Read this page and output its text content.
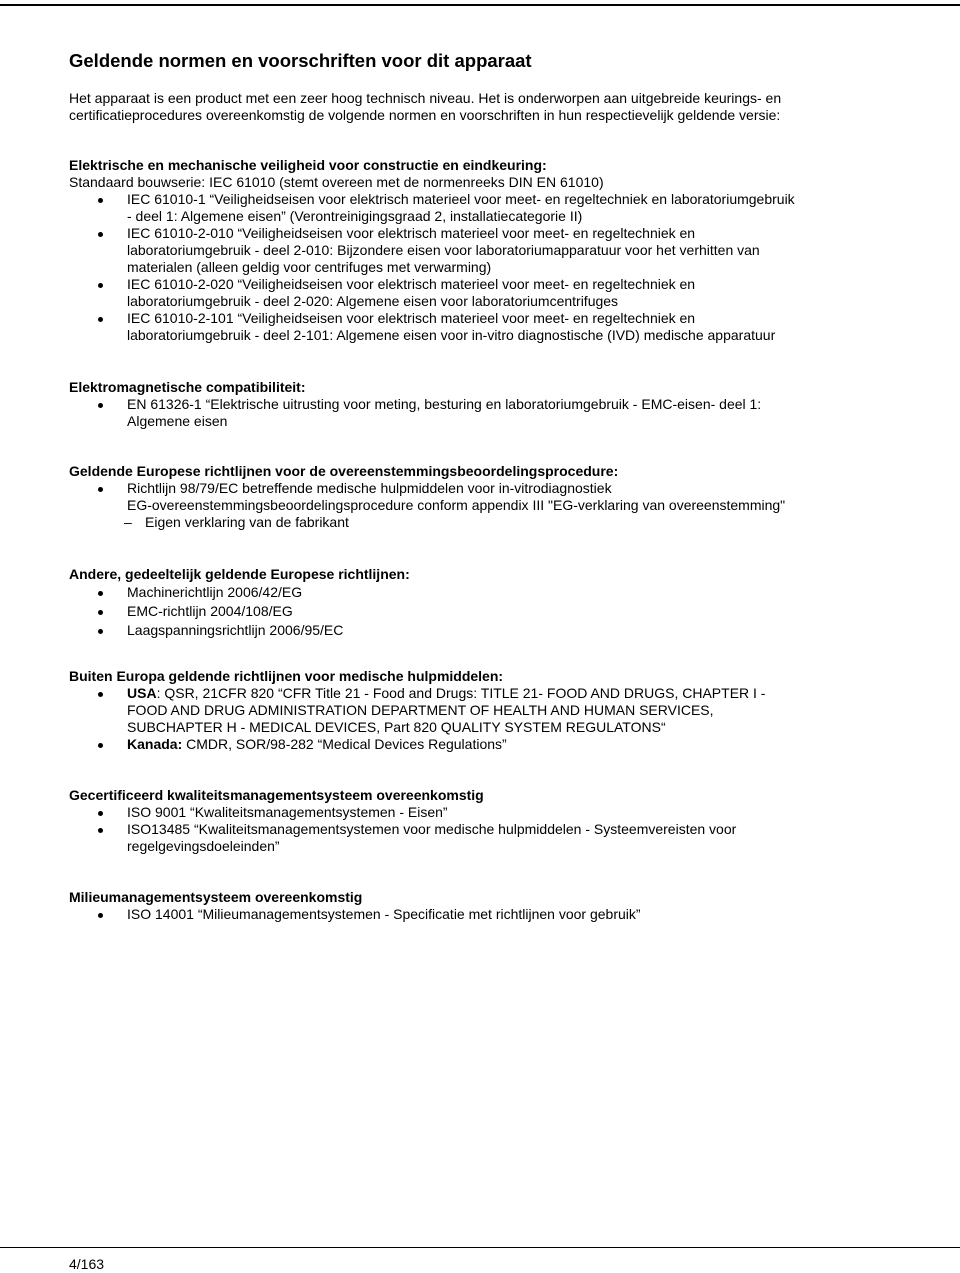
Geldende normen en voorschriften voor dit apparaat
Het apparaat is een product met een zeer hoog technisch niveau. Het is onderworpen aan uitgebreide keurings- en
certificatieprocedures overeenkomstig de volgende normen en voorschriften in hun respectievelijk geldende versie:
Elektrische en mechanische veiligheid voor constructie en eindkeuring:
Standaard bouwserie: IEC 61010 (stemt overeen met de normenreeks DIN EN 61010)
IEC 61010-1 “Veiligheidseisen voor elektrisch materieel voor meet- en regeltechniek en laboratoriumgebruik
- deel 1: Algemene eisen” (Verontreinigingsgraad 2, installatiecategorie II)
IEC 61010-2-010 “Veiligheidseisen voor elektrisch materieel voor meet- en regeltechniek en
laboratoriumgebruik - deel 2-010: Bijzondere eisen voor laboratoriumapparatuur voor het verhitten van
materialen (alleen geldig voor centrifuges met verwarming)
IEC 61010-2-020 “Veiligheidseisen voor elektrisch materieel voor meet- en regeltechniek en
laboratoriumgebruik - deel 2-020: Algemene eisen voor laboratoriumcentrifuges
IEC 61010-2-101 “Veiligheidseisen voor elektrisch materieel voor meet- en regeltechniek en
laboratoriumgebruik - deel 2-101: Algemene eisen voor in-vitro diagnostische (IVD) medische apparatuur
Elektromagnetische compatibiliteit:
EN 61326-1 “Elektrische uitrusting voor meting, besturing en laboratoriumgebruik - EMC-eisen- deel 1:
Algemene eisen
Geldende Europese richtlijnen voor de overeenstemmingsbeoordelingsprocedure:
Richtlijn 98/79/EC betreffende medische hulpmiddelen voor in-vitrodiagnostiek
EG-overeenstemmingsbeoordelingsprocedure conform appendix III "EG-verklaring van overeenstemming"
– Eigen verklaring van de fabrikant
Andere, gedeeltelijk geldende Europese richtlijnen:
Machinerichtlijn 2006/42/EG
EMC-richtlijn 2004/108/EG
Laagspanningsrichtlijn 2006/95/EC
Buiten Europa geldende richtlijnen voor medische hulpmiddelen:
USA: QSR, 21CFR 820 “CFR Title 21 - Food and Drugs: TITLE 21- FOOD AND DRUGS, CHAPTER I -
FOOD AND DRUG ADMINISTRATION DEPARTMENT OF HEALTH AND HUMAN SERVICES,
SUBCHAPTER H - MEDICAL DEVICES, Part 820 QUALITY SYSTEM REGULATONS“
Kanada: CMDR, SOR/98-282 “Medical Devices Regulations”
Gecertificeerd kwaliteitsmanagementsysteem overeenkomstig
ISO 9001 “Kwaliteitsmanagementsystemen - Eisen”
ISO13485 “Kwaliteitsmanagementsystemen voor medische hulpmiddelen - Systeemvereisten voor
regelgevingsdoeleinden”
Milieumanagementsysteem overeenkomstig
ISO 14001 “Milieumanagementsystemen - Specificatie met richtlijnen voor gebruik”
4/163
